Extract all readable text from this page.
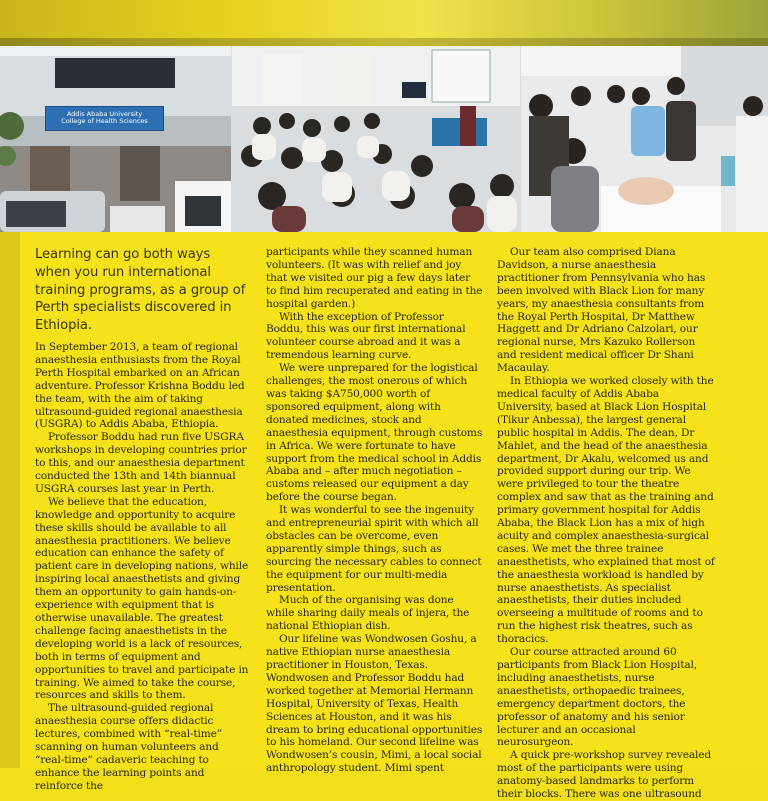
Addis Ababa University
College of Health Sciences
Learning can go both ways when you run international training programs, as a group of Perth specialists discovered in Ethiopia.

In September 2013, a team of regional anaesthesia enthusiasts from the Royal Perth Hospital embarked on an African adventure. Professor Krishna Boddu led the team, with the aim of taking ultrasound-guided regional anaesthesia (USGRA) to Addis Ababa, Ethiopia.

Professor Boddu had run five USGRA workshops in developing countries prior to this, and our anaesthesia department conducted the 13th and 14th biannual USGRA courses last year in Perth.

We believe that the education, knowledge and opportunity to acquire these skills should be available to all anaesthesia practitioners. We believe education can enhance the safety of patient care in developing nations, while inspiring local anaesthetists and giving them an opportunity to gain hands-on-experience with equipment that is otherwise unavailable. The greatest challenge facing anaesthetists in the developing world is a lack of resources, both in terms of equipment and opportunities to travel and participate in training. We aimed to take the course, resources and skills to them.

The ultrasound-guided regional anaesthesia course offers didactic lectures, combined with “real-time” scanning on human volunteers and “real-time” cadaveric teaching to enhance the learning points and reinforce the

participants while they scanned human volunteers. (It was with relief and joy that we visited our pig a few days later to find him recuperated and eating in the hospital garden.)

With the exception of Professor Boddu, this was our first international volunteer course abroad and it was a tremendous learning curve.

We were unprepared for the logistical challenges, the most onerous of which was taking $A750,000 worth of sponsored equipment, along with donated medicines, stock and anaesthesia equipment, through customs in Africa. We were fortunate to have support from the medical school in Addis Ababa and – after much negotiation – customs released our equipment a day before the course began.

It was wonderful to see the ingenuity and entrepreneurial spirit with which all obstacles can be overcome, even apparently simple things, such as sourcing the necessary cables to connect the equipment for our multi-media presentation.

Much of the organising was done while sharing daily meals of injera, the national Ethiopian dish.

Our lifeline was Wondwosen Goshu, a native Ethiopian nurse anaesthesia practitioner in Houston, Texas. Wondwosen and Professor Boddu had worked together at Memorial Hermann Hospital, University of Texas, Health Sciences at Houston, and it was his dream to bring educational opportunities to his homeland. Our second lifeline was Wondwosen’s cousin, Mimi, a local social anthropology student. Mimi spent

Our team also comprised Diana Davidson, a nurse anaesthesia practitioner from Pennsylvania who has been involved with Black Lion for many years, my anaesthesia consultants from the Royal Perth Hospital, Dr Matthew Haggett and Dr Adriano Calzolari, our regional nurse, Mrs Kazuko Rollerson and resident medical officer Dr Shani Macaulay.

In Ethiopia we worked closely with the medical faculty of Addis Ababa University, based at Black Lion Hospital (Tikur Anbessa), the largest general public hospital in Addis. The dean, Dr Mahlet, and the head of the anaesthesia department, Dr Akalu, welcomed us and provided support during our trip. We were privileged to tour the theatre complex and saw that as the training and primary government hospital for Addis Ababa, the Black Lion has a mix of high acuity and complex anaesthesia-surgical cases. We met the three trainee anaesthetists, who explained that most of the anaesthesia workload is handled by nurse anaesthetists. As specialist anaesthetists, their duties included overseeing a multitude of rooms and to run the highest risk theatres, such as thoracics.

Our course attracted around 60 participants from Black Lion Hospital, including anaesthetists, nurse anaesthetists, orthopaedic trainees, emergency department doctors, the professor of anatomy and his senior lecturer and an occasional neurosurgeon.

A quick pre-workshop survey revealed most of the participants were using anatomy-based landmarks to perform their blocks. There was one ultrasound
